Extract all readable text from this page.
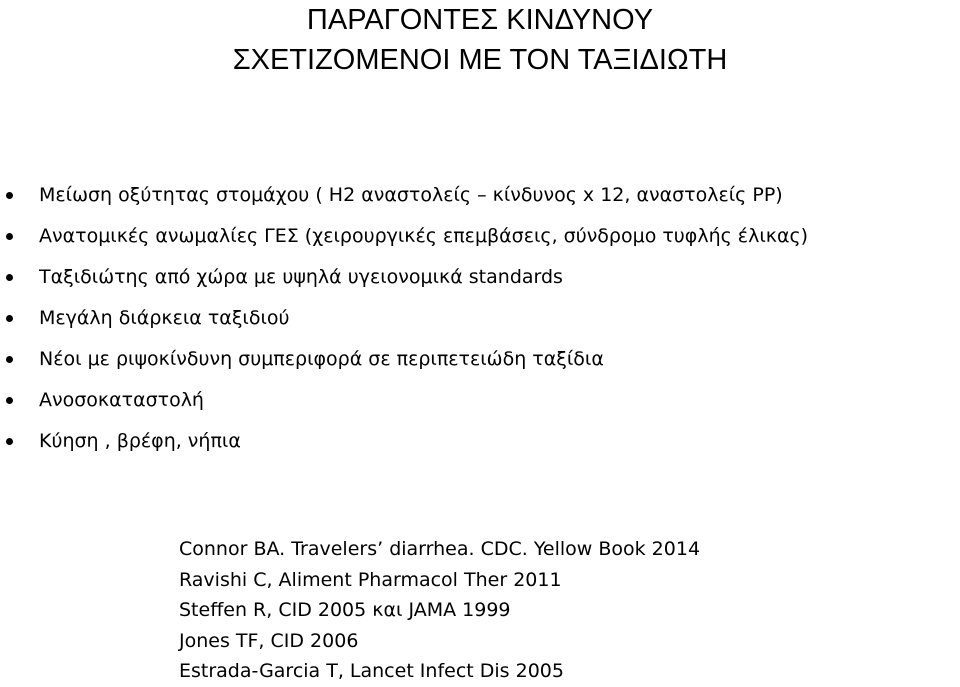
ΠΑΡΑΓΟΝΤΕΣ ΚΙΝΔΥΝΟΥ
ΣΧΕΤΙΖΟΜΕΝΟΙ ΜΕ ΤΟΝ ΤΑΞΙΔΙΩΤΗ
Μείωση οξύτητας στομάχου ( H2 αναστολείς – κίνδυνος x 12, αναστολείς PP)
Ανατομικές ανωμαλίες ΓΕΣ (χειρουργικές επεμβάσεις, σύνδρομο τυφλής έλικας)
Ταξιδιώτης από χώρα με υψηλά υγειονομικά standards
Μεγάλη διάρκεια ταξιδιού
Νέοι με ριψοκίνδυνη συμπεριφορά σε περιπετειώδη ταξίδια
Ανοσοκαταστολή
Κύηση , βρέφη, νήπια
Connor BA. Travelers’ diarrhea. CDC. Yellow Book 2014
Ravishi C, Aliment Pharmacol Ther 2011
Steffen R, CID 2005 και JAMA 1999
Jones TF, CID 2006
Estrada-Garcia T, Lancet Infect Dis 2005
